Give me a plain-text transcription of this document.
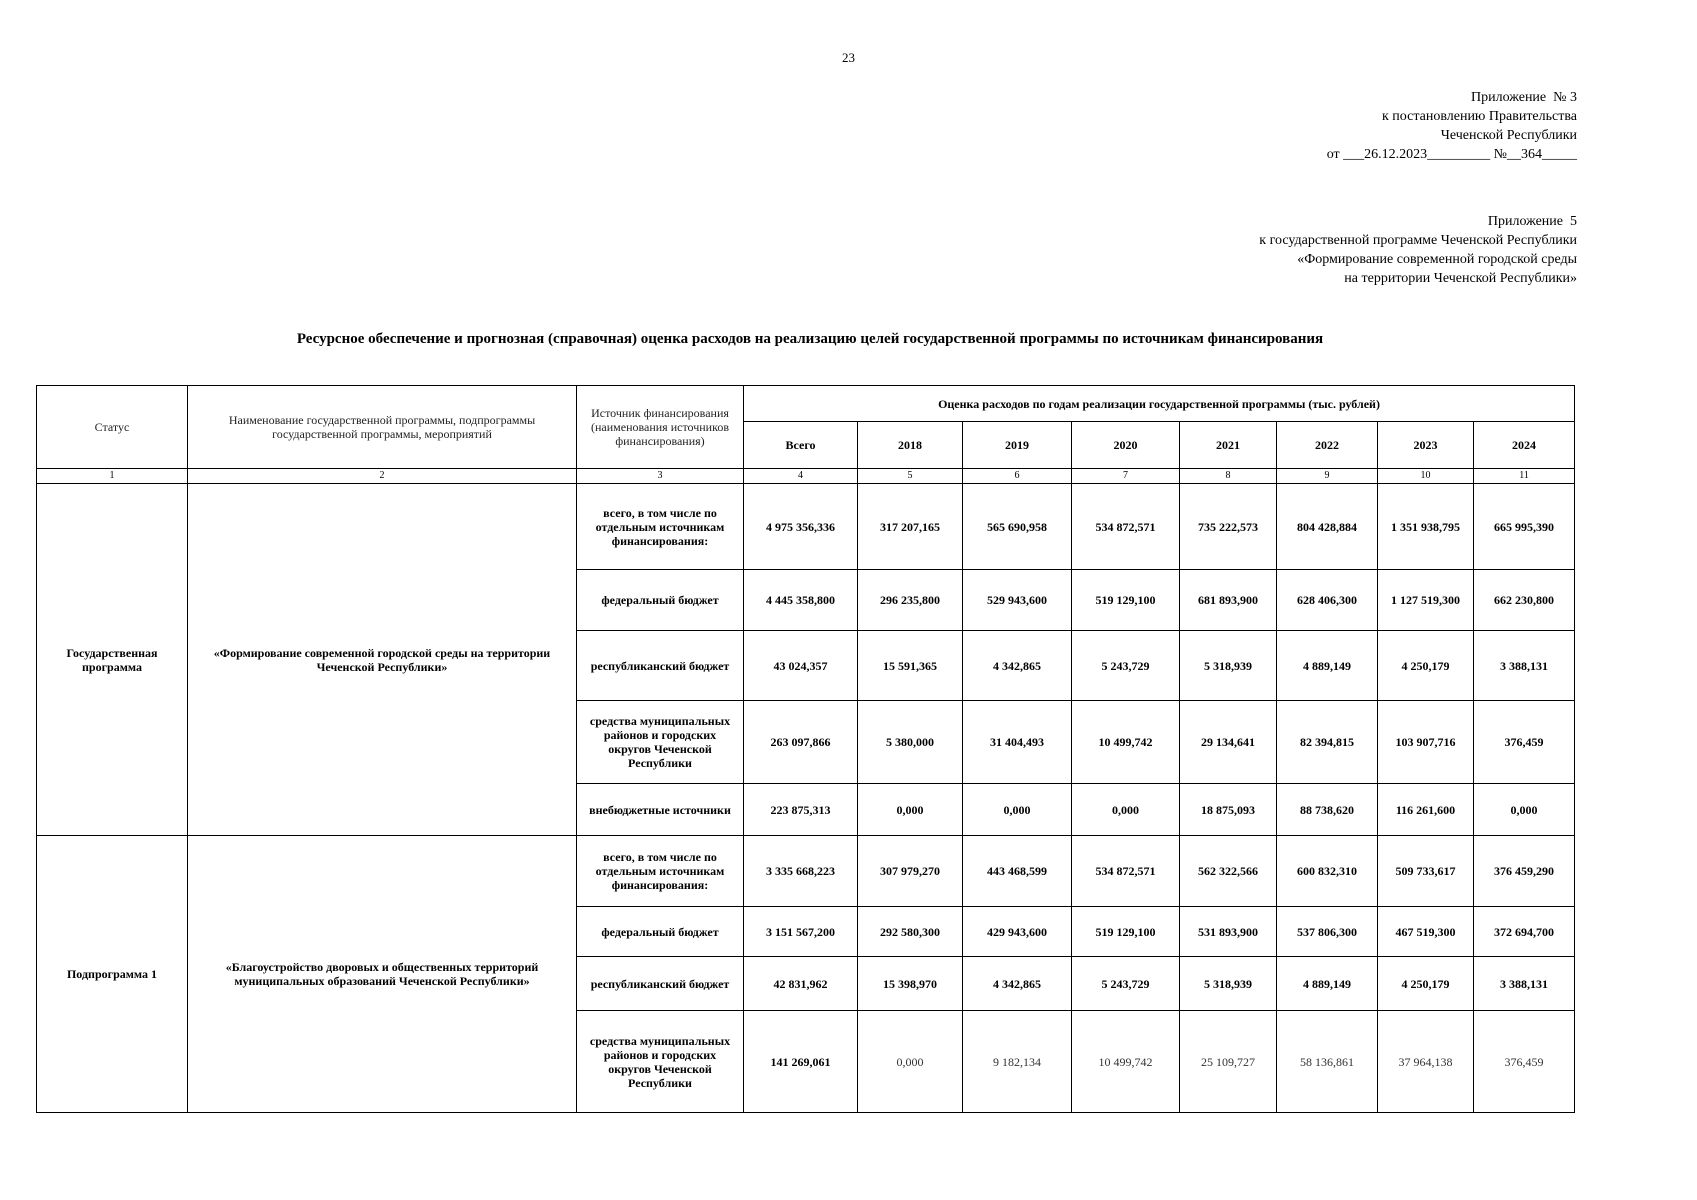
23
Приложение  № 3
к постановлению Правительства
Чеченской Республики
от ___26.12.2023_________ №__364_____
Приложение  5
к государственной программе Чеченской Республики
«Формирование современной городской среды
на территории Чеченской Республики»
Ресурсное обеспечение и прогнозная (справочная) оценка расходов на реализацию целей государственной программы по источникам финансирования
Статус	Наименование государственной программы, подпрограммы государственной программы, мероприятий	Источник финансирования (наименования источников финансирования)	Оценка расходов по годам реализации государственной программы (тыс. рублей)							
			Всего	2018	2019	2020	2021	2022	2023	2024
1	2	3	4	5	6	7	8	9	10	11
Государственная программа	«Формирование современной городской среды на территории Чеченской Республики»	всего, в том числе по отдельным источникам финансирования:	4 975 356,336	317 207,165	565 690,958	534 872,571	735 222,573	804 428,884	1 351 938,795	665 995,390
		федеральный бюджет	4 445 358,800	296 235,800	529 943,600	519 129,100	681 893,900	628 406,300	1 127 519,300	662 230,800
		республиканский бюджет	43 024,357	15 591,365	4 342,865	5 243,729	5 318,939	4 889,149	4 250,179	3 388,131
		средства муниципальных районов и городских округов Чеченской Республики	263 097,866	5 380,000	31 404,493	10 499,742	29 134,641	82 394,815	103 907,716	376,459
		внебюджетные источники	223 875,313	0,000	0,000	0,000	18 875,093	88 738,620	116 261,600	0,000
Подпрограмма 1	«Благоустройство дворовых и общественных территорий муниципальных образований Чеченской Республики»	всего, в том числе по отдельным источникам финансирования:	3 335 668,223	307 979,270	443 468,599	534 872,571	562 322,566	600 832,310	509 733,617	376 459,290
		федеральный бюджет	3 151 567,200	292 580,300	429 943,600	519 129,100	531 893,900	537 806,300	467 519,300	372 694,700
		республиканский бюджет	42 831,962	15 398,970	4 342,865	5 243,729	5 318,939	4 889,149	4 250,179	3 388,131
		средства муниципальных районов и городских округов Чеченской Республики	141 269,061	0,000	9 182,134	10 499,742	25 109,727	58 136,861	37 964,138	376,459
